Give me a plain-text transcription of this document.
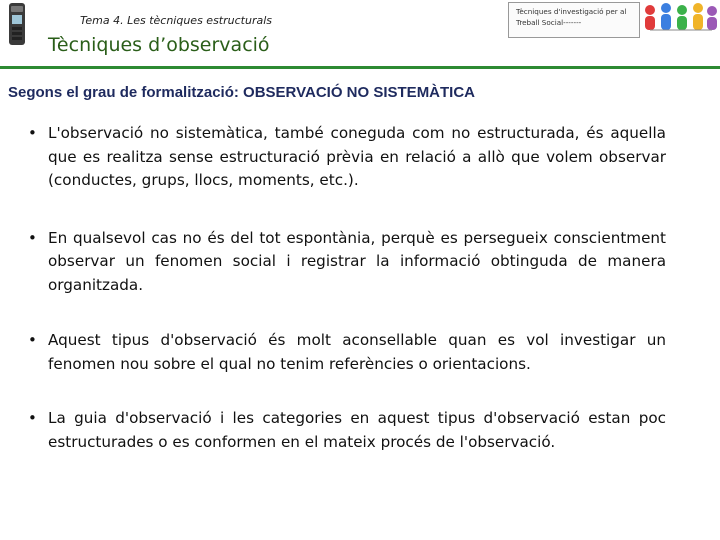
Tema 4. Les tècniques estructurals
Tècniques d'investigació per al Treball Social-------
Tècniques d’observació
Segons el grau de formalització: OBSERVACIÓ NO SISTEMÀTICA
• L'observació no sistemàtica, també coneguda com no estructurada, és aquella que es realitza sense estructuració prèvia en relació a allò que volem observar (conductes, grups, llocs, moments, etc.).
• En qualsevol cas no és del tot espontània, perquè es persegueix conscientment observar un fenomen social i registrar la informació obtinguda de manera organitzada.
• Aquest tipus d'observació és molt aconsellable quan es vol investigar un fenomen nou sobre el qual no tenim referències o orientacions.
• La guia d'observació i les categories en aquest tipus d'observació estan poc estructurades o es conformen en el mateix procés de l'observació.
